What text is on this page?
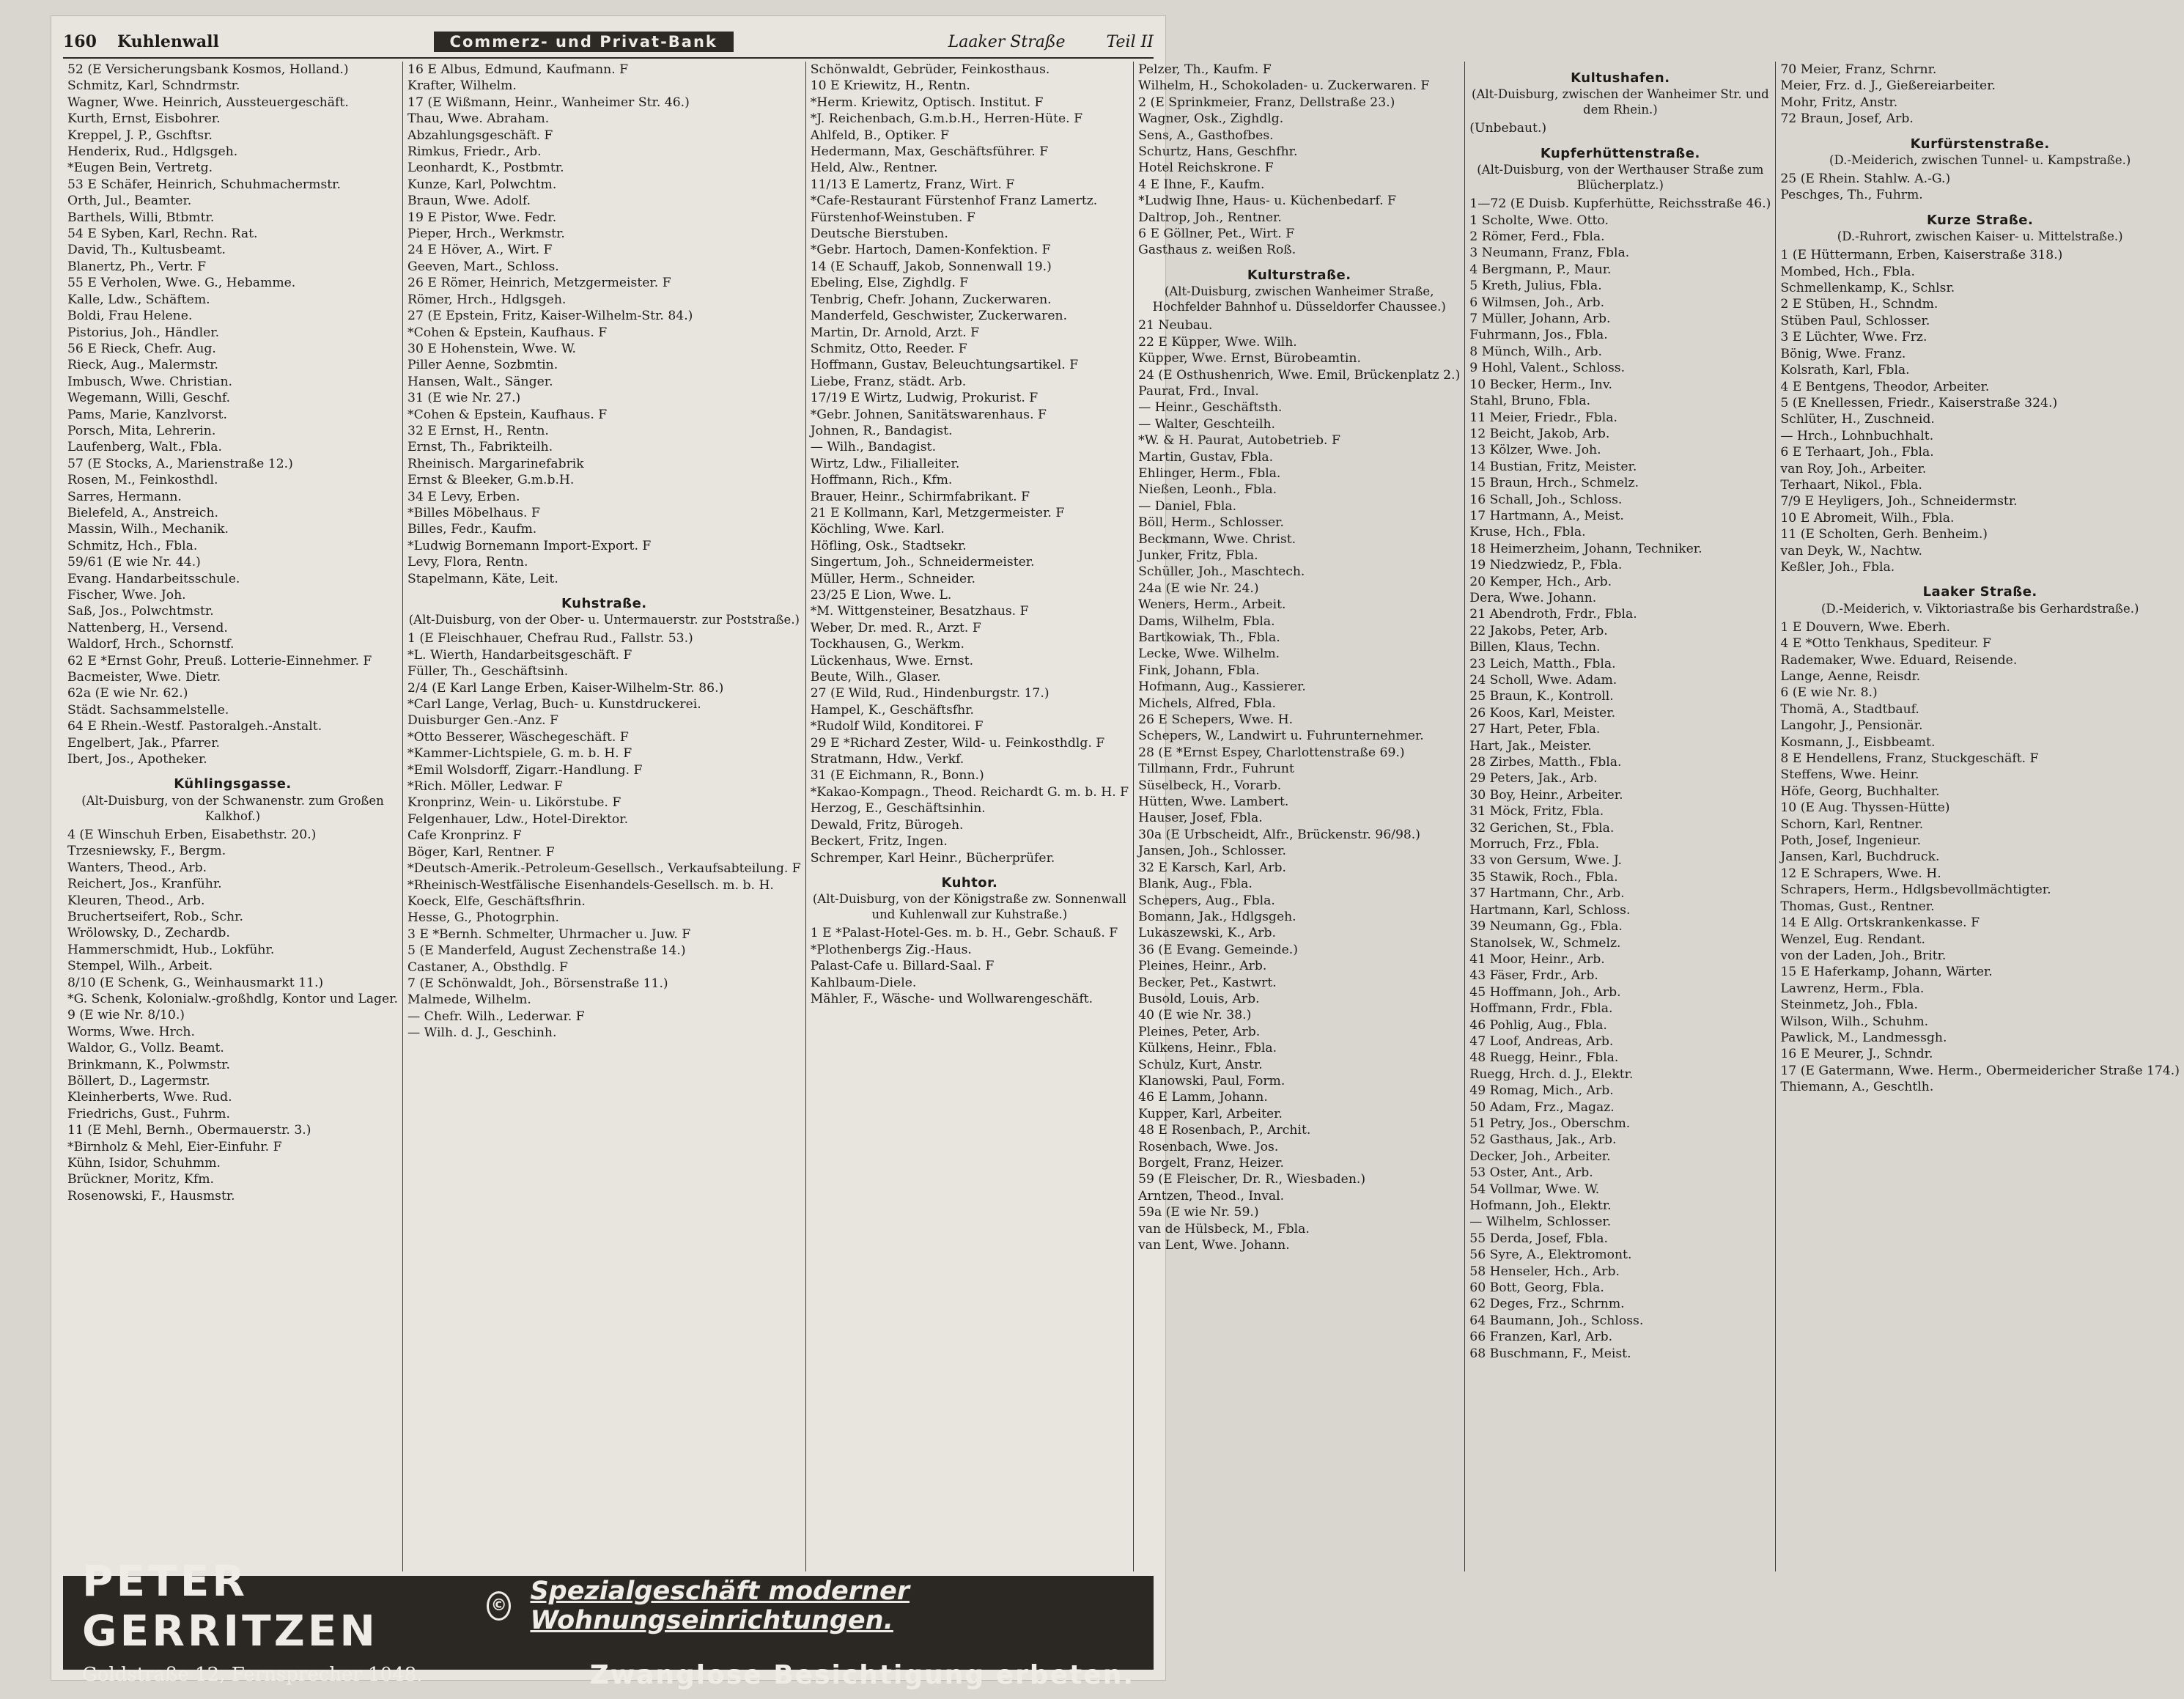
160 Kuhlenwall	Commerz- und Privat-Bank	Laaker Straße	Teil II
52 (E Versicherungsbank Kosmos, Holland.)
Schmitz, Karl, Schndrmstr.
Wagner, Wwe. Heinrich, Aussteuergeschäft.
Kurth, Ernst, Eisbohrer.
Kreppel, J. P., Gschftsr.
Henderix, Rud., Hdlgsgeh.
*Eugen Bein, Vertretg.
53 E Schäfer, Heinrich, Schuhmachermstr.
Orth, Jul., Beamter.
Barthels, Willi, Btbmtr.
54 E Syben, Karl, Rechn. Rat.
David, Th., Kultusbeamt.
Blanertz, Ph., Vertr. F
55 E Verholen, Wwe. G., Hebamme.
Kalle, Ldw., Schäftem.
Boldi, Frau Helene.
Pistorius, Joh., Händler.
56 E Rieck, Chefr. Aug.
Rieck, Aug., Malermstr.
Imbusch, Wwe. Christian.
Wegemann, Willi, Geschf.
Pams, Marie, Kanzlvorst.
Porsch, Mita, Lehrerin.
Laufenberg, Walt., Fbla.
57 (E Stocks, A., Marienstraße 12.)
Rosen, M., Feinkosthdl.
Sarres, Hermann.
Bielefeld, A., Anstreich.
Massin, Wilh., Mechanik.
Schmitz, Hch., Fbla.
59/61 (E wie Nr. 44.)
Evang. Handarbeitsschule.
Fischer, Wwe. Joh.
Saß, Jos., Polwchtmstr.
Nattenberg, H., Versend.
Waldorf, Hrch., Schornstf.
62 E *Ernst Gohr, Preuß. Lotterie-Einnehmer. F
Bacmeister, Wwe. Dietr.
62a (E wie Nr. 62.)
Städt. Sachsammelstelle.
64 E Rhein.-Westf. Pastoralgeh.-Anstalt.
Engelbert, Jak., Pfarrer.
Ibert, Jos., Apotheker.
Kühlingsgasse.
(Alt-Duisburg, von der Schwanenstr. zum Großen Kalkhof.)
4 (E Winschuh Erben, Eisabethstr. 20.)
Trzesniewsky, F., Bergm.
Wanters, Theod., Arb.
Reichert, Jos., Kranführ.
Kleuren, Theod., Arb.
Bruchertseifert, Rob., Schr.
Wrölowsky, D., Zechardb.
Hammerschmidt, Hub., Lokführ.
Stempel, Wilh., Arbeit.
8/10 (E Schenk, G., Weinhausmarkt 11.)
*G. Schenk, Kolonialw.-großhdlg, Kontor und Lager.
9 (E wie Nr. 8/10.)
Worms, Wwe. Hrch.
Waldor, G., Vollz. Beamt.
Brinkmann, K., Polwmstr.
Böllert, D., Lagermstr.
Kleinherberts, Wwe. Rud.
Friedrichs, Gust., Fuhrm.
11 (E Mehl, Bernh., Obermauerstr. 3.)
*Birnholz & Mehl, Eier-Einfuhr. F
Kühn, Isidor, Schuhmm.
Brückner, Moritz, Kfm.
Rosenowski, F., Hausmstr.
16 E Albus, Edmund, Kaufmann. F
Krafter, Wilhelm.
17 (E Wißmann, Heinr., Wanheimer Str. 46.)
Thau, Wwe. Abraham.
Abzahlungsgeschäft. F
Rimkus, Friedr., Arb.
Leonhardt, K., Postbmtr.
Kunze, Karl, Polwchtm.
Braun, Wwe. Adolf.
19 E Pistor, Wwe. Fedr.
Pieper, Hrch., Werkmstr.
24 E Höver, A., Wirt. F
Geeven, Mart., Schloss.
26 E Römer, Heinrich, Metzgermeister. F
Römer, Hrch., Hdlgsgeh.
27 (E Epstein, Fritz, Kaiser-Wilhelm-Str. 84.)
*Cohen & Epstein, Kaufhaus. F
30 E Hohenstein, Wwe. W.
Piller Aenne, Sozbmtin.
Hansen, Walt., Sänger.
31 (E wie Nr. 27.)
*Cohen & Epstein, Kaufhaus. F
32 E Ernst, H., Rentn.
Ernst, Th., Fabrikteilh.
Rheinisch. Margarinefabrik
Ernst & Bleeker, G.m.b.H.
34 E Levy, Erben.
*Billes Möbelhaus. F
Billes, Fedr., Kaufm.
*Ludwig Bornemann Import-Export. F
Levy, Flora, Rentn.
Stapelmann, Käte, Leit.
Kuhstraße.
(Alt-Duisburg, von der Ober- u. Untermauerstr. zur Poststraße.)
1 (E Fleischhauer, Chefrau Rud., Fallstr. 53.)
*L. Wierth, Handarbeitsgeschäft. F
Füller, Th., Geschäftsinh.
2/4 (E Karl Lange Erben, Kaiser-Wilhelm-Str. 86.)
*Carl Lange, Verlag, Buch- u. Kunstdruckerei.
Duisburger Gen.-Anz. F
*Otto Besserer, Wäschegeschäft. F
*Kammer-Lichtspiele, G. m. b. H. F
*Emil Wolsdorff, Zigarr.-Handlung. F
*Rich. Möller, Ledwar. F
Kronprinz, Wein- u. Likörstube. F
Felgenhauer, Ldw., Hotel-Direktor.
Cafe Kronprinz. F
Böger, Karl, Rentner. F
*Deutsch-Amerik.-Petroleum-Gesellsch., Verkaufsabteilung. F
*Rheinisch-Westfälische Eisenhandels-Gesellsch. m. b. H.
Koeck, Elfe, Geschäftsfhrin.
Hesse, G., Photogrphin.
3 E *Bernh. Schmelter, Uhrmacher u. Juw. F
5 (E Manderfeld, August Zechenstraße 14.)
Castaner, A., Obsthdlg. F
7 (E Schönwaldt, Joh., Börsenstraße 11.)
Malmede, Wilhelm.
— Chefr. Wilh., Lederwar. F
— Wilh. d. J., Geschinh.
Schönwaldt, Gebrüder, Feinkosthaus.
10 E Kriewitz, H., Rentn.
*Herm. Kriewitz, Optisch. Institut. F
*J. Reichenbach, G.m.b.H., Herren-Hüte. F
Ahlfeld, B., Optiker. F
Hedermann, Max, Geschäftsführer. F
Held, Alw., Rentner.
11/13 E Lamertz, Franz, Wirt. F
*Cafe-Restaurant Fürstenhof Franz Lamertz.
Fürstenhof-Weinstuben. F
Deutsche Bierstuben.
*Gebr. Hartoch, Damen-Konfektion. F
14 (E Schauff, Jakob, Sonnenwall 19.)
Ebeling, Else, Zighdlg. F
Tenbrig, Chefr. Johann, Zuckerwaren.
Manderfeld, Geschwister, Zuckerwaren.
Martin, Dr. Arnold, Arzt. F
Schmitz, Otto, Reeder. F
Hoffmann, Gustav, Beleuchtungsartikel. F
Liebe, Franz, städt. Arb.
17/19 E Wirtz, Ludwig, Prokurist. F
*Gebr. Johnen, Sanitätswarenhaus. F
Johnen, R., Bandagist.
— Wilh., Bandagist.
Wirtz, Ldw., Filialleiter.
Hoffmann, Rich., Kfm.
Brauer, Heinr., Schirmfabrikant. F
21 E Kollmann, Karl, Metzgermeister. F
Köchling, Wwe. Karl.
Höfling, Osk., Stadtsekr.
Singertum, Joh., Schneidermeister.
Müller, Herm., Schneider.
23/25 E Lion, Wwe. L.
*M. Wittgensteiner, Besatzhaus. F
Weber, Dr. med. R., Arzt. F
Tockhausen, G., Werkm.
Lückenhaus, Wwe. Ernst.
Beute, Wilh., Glaser.
27 (E Wild, Rud., Hindenburgstr. 17.)
Hampel, K., Geschäftsfhr.
*Rudolf Wild, Konditorei. F
29 E *Richard Zester, Wild- u. Feinkosthdlg. F
Stratmann, Hdw., Verkf.
31 (E Eichmann, R., Bonn.)
*Kakao-Kompagn., Theod. Reichardt G. m. b. H. F
Herzog, E., Geschäftsinhin.
Dewald, Fritz, Bürogeh.
Beckert, Fritz, Ingen.
Schremper, Karl Heinr., Bücherprüfer.
Kuhtor.
(Alt-Duisburg, von der Königstraße zw. Sonnenwall und Kuhlenwall zur Kuhstraße.)
1 E *Palast-Hotel-Ges. m. b. H., Gebr. Schauß. F
*Plothenbergs Zig.-Haus.
Palast-Cafe u. Billard-Saal. F
Kahlbaum-Diele.
Mähler, F., Wäsche- und Wollwarengeschäft.
Pelzer, Th., Kaufm. F
Wilhelm, H., Schokoladen- u. Zuckerwaren. F
2 (E Sprinkmeier, Franz, Dellstraße 23.)
Wagner, Osk., Zighdlg.
Sens, A., Gasthofbes.
Schurtz, Hans, Geschfhr.
Hotel Reichskrone. F
4 E Ihne, F., Kaufm.
*Ludwig Ihne, Haus- u. Küchenbedarf. F
Daltrop, Joh., Rentner.
6 E Göllner, Pet., Wirt. F
Gasthaus z. weißen Roß.
Kulturstraße.
(Alt-Duisburg, zwischen Wanheimer Straße, Hochfelder Bahnhof u. Düsseldorfer Chaussee.)
21 Neubau.
22 E Küpper, Wwe. Wilh.
Küpper, Wwe. Ernst, Bürobeamtin.
24 (E Osthushenrich, Wwe. Emil, Brückenplatz 2.)
Paurat, Frd., Inval.
— Heinr., Geschäftsth.
— Walter, Geschteilh.
*W. & H. Paurat, Autobetrieb. F
Martin, Gustav, Fbla.
Ehlinger, Herm., Fbla.
Nießen, Leonh., Fbla.
— Daniel, Fbla.
Böll, Herm., Schlosser.
Beckmann, Wwe. Christ.
Junker, Fritz, Fbla.
Schüller, Joh., Maschtech.
24a (E wie Nr. 24.)
Weners, Herm., Arbeit.
Dams, Wilhelm, Fbla.
Bartkowiak, Th., Fbla.
Lecke, Wwe. Wilhelm.
Fink, Johann, Fbla.
Hofmann, Aug., Kassierer.
Michels, Alfred, Fbla.
26 E Schepers, Wwe. H.
Schepers, W., Landwirt u. Fuhrunternehmer.
28 (E *Ernst Espey, Charlottenstraße 69.)
Tillmann, Frdr., Fuhrunt
Süselbeck, H., Vorarb.
Hütten, Wwe. Lambert.
Hauser, Josef, Fbla.
30a (E Urbscheidt, Alfr., Brückenstr. 96/98.)
Jansen, Joh., Schlosser.
32 E Karsch, Karl, Arb.
Blank, Aug., Fbla.
Schepers, Aug., Fbla.
Bomann, Jak., Hdlgsgeh.
Lukaszewski, K., Arb.
36 (E Evang. Gemeinde.)
Pleines, Heinr., Arb.
Becker, Pet., Kastwrt.
Busold, Louis, Arb.
40 (E wie Nr. 38.)
Pleines, Peter, Arb.
Külkens, Heinr., Fbla.
Schulz, Kurt, Anstr.
Klanowski, Paul, Form.
46 E Lamm, Johann.
Kupper, Karl, Arbeiter.
48 E Rosenbach, P., Archit.
Rosenbach, Wwe. Jos.
Borgelt, Franz, Heizer.
59 (E Fleischer, Dr. R., Wiesbaden.)
Arntzen, Theod., Inval.
59a (E wie Nr. 59.)
van de Hülsbeck, M., Fbla.
van Lent, Wwe. Johann.
Kultushafen.
(Alt-Duisburg, zwischen der Wanheimer Str. und dem Rhein.)
(Unbebaut.)
Kupferhüttenstraße.
(Alt-Duisburg, von der Werthauser Straße zum Blücherplatz.)
1—72 (E Duisb. Kupferhütte, Reichsstraße 46.)
1 Scholte, Wwe. Otto.
2 Römer, Ferd., Fbla.
3 Neumann, Franz, Fbla.
4 Bergmann, P., Maur.
5 Kreth, Julius, Fbla.
6 Wilmsen, Joh., Arb.
7 Müller, Johann, Arb.
Fuhrmann, Jos., Fbla.
8 Münch, Wilh., Arb.
9 Hohl, Valent., Schloss.
10 Becker, Herm., Inv.
Stahl, Bruno, Fbla.
11 Meier, Friedr., Fbla.
12 Beicht, Jakob, Arb.
13 Kölzer, Wwe. Joh.
14 Bustian, Fritz, Meister.
15 Braun, Hrch., Schmelz.
16 Schall, Joh., Schloss.
17 Hartmann, A., Meist.
Kruse, Hch., Fbla.
18 Heimerzheim, Johann, Techniker.
19 Niedzwiedz, P., Fbla.
20 Kemper, Hch., Arb.
Dera, Wwe. Johann.
21 Abendroth, Frdr., Fbla.
22 Jakobs, Peter, Arb.
Billen, Klaus, Techn.
23 Leich, Matth., Fbla.
24 Scholl, Wwe. Adam.
25 Braun, K., Kontroll.
26 Koos, Karl, Meister.
27 Hart, Peter, Fbla.
Hart, Jak., Meister.
28 Zirbes, Matth., Fbla.
29 Peters, Jak., Arb.
30 Boy, Heinr., Arbeiter.
31 Möck, Fritz, Fbla.
32 Gerichen, St., Fbla.
Morruch, Frz., Fbla.
33 von Gersum, Wwe. J.
35 Stawik, Roch., Fbla.
37 Hartmann, Chr., Arb.
Hartmann, Karl, Schloss.
39 Neumann, Gg., Fbla.
Stanolsek, W., Schmelz.
41 Moor, Heinr., Arb.
43 Fäser, Frdr., Arb.
45 Hoffmann, Joh., Arb.
Hoffmann, Frdr., Fbla.
46 Pohlig, Aug., Fbla.
47 Loof, Andreas, Arb.
48 Ruegg, Heinr., Fbla.
Ruegg, Hrch. d. J., Elektr.
49 Romag, Mich., Arb.
50 Adam, Frz., Magaz.
51 Petry, Jos., Oberschm.
52 Gasthaus, Jak., Arb.
Decker, Joh., Arbeiter.
53 Oster, Ant., Arb.
54 Vollmar, Wwe. W.
Hofmann, Joh., Elektr.
— Wilhelm, Schlosser.
55 Derda, Josef, Fbla.
56 Syre, A., Elektromont.
58 Henseler, Hch., Arb.
60 Bott, Georg, Fbla.
62 Deges, Frz., Schrnm.
64 Baumann, Joh., Schloss.
66 Franzen, Karl, Arb.
68 Buschmann, F., Meist.
70 Meier, Franz, Schrnr.
Meier, Frz. d. J., Gießereiarbeiter.
Mohr, Fritz, Anstr.
72 Braun, Josef, Arb.
Kurfürstenstraße.
(D.-Meiderich, zwischen Tunnel- u. Kampstraße.)
25 (E Rhein. Stahlw. A.-G.)
Peschges, Th., Fuhrm.
Kurze Straße.
(D.-Ruhrort, zwischen Kaiser- u. Mittelstraße.)
1 (E Hüttermann, Erben, Kaiserstraße 318.)
Mombed, Hch., Fbla.
Schmellenkamp, K., Schlsr.
2 E Stüben, H., Schndm.
Stüben Paul, Schlosser.
3 E Lüchter, Wwe. Frz.
Bönig, Wwe. Franz.
Kolsrath, Karl, Fbla.
4 E Bentgens, Theodor, Arbeiter.
5 (E Knellessen, Friedr., Kaiserstraße 324.)
Schlüter, H., Zuschneid.
— Hrch., Lohnbuchhalt.
6 E Terhaart, Joh., Fbla.
van Roy, Joh., Arbeiter.
Terhaart, Nikol., Fbla.
7/9 E Heyligers, Joh., Schneidermstr.
10 E Abromeit, Wilh., Fbla.
11 (E Scholten, Gerh. Benheim.)
van Deyk, W., Nachtw.
Keßler, Joh., Fbla.
Laaker Straße.
(D.-Meiderich, v. Viktoriastraße bis Gerhardstraße.)
1 E Douvern, Wwe. Eberh.
4 E *Otto Tenkhaus, Spediteur. F
Rademaker, Wwe. Eduard, Reisende.
Lange, Aenne, Reisdr.
6 (E wie Nr. 8.)
Thomä, A., Stadtbauf.
Langohr, J., Pensionär.
Kosmann, J., Eisbbeamt.
8 E Hendellens, Franz, Stuckgeschäft. F
Steffens, Wwe. Heinr.
Höfe, Georg, Buchhalter.
10 (E Aug. Thyssen-Hütte)
Schorn, Karl, Rentner.
Poth, Josef, Ingenieur.
Jansen, Karl, Buchdruck.
12 E Schrapers, Wwe. H.
Schrapers, Herm., Hdlgsbevollmächtigter.
Thomas, Gust., Rentner.
14 E Allg. Ortskrankenkasse. F
Wenzel, Eug. Rendant.
von der Laden, Joh., Britr.
15 E Haferkamp, Johann, Wärter.
Lawrenz, Herm., Fbla.
Steinmetz, Joh., Fbla.
Wilson, Wilh., Schuhm.
Pawlick, M., Landmessgh.
16 E Meurer, J., Schndr.
17 (E Gatermann, Wwe. Herm., Obermeidericher Straße 174.)
Thiemann, A., Geschtlh.
PETER GERRITZEN	© Spezialgeschäft moderner Wohnungseinrichtungen.
Goldstraße 12, Fernsprecher 1048.	Zwanglose Besichtigung erbeten.
